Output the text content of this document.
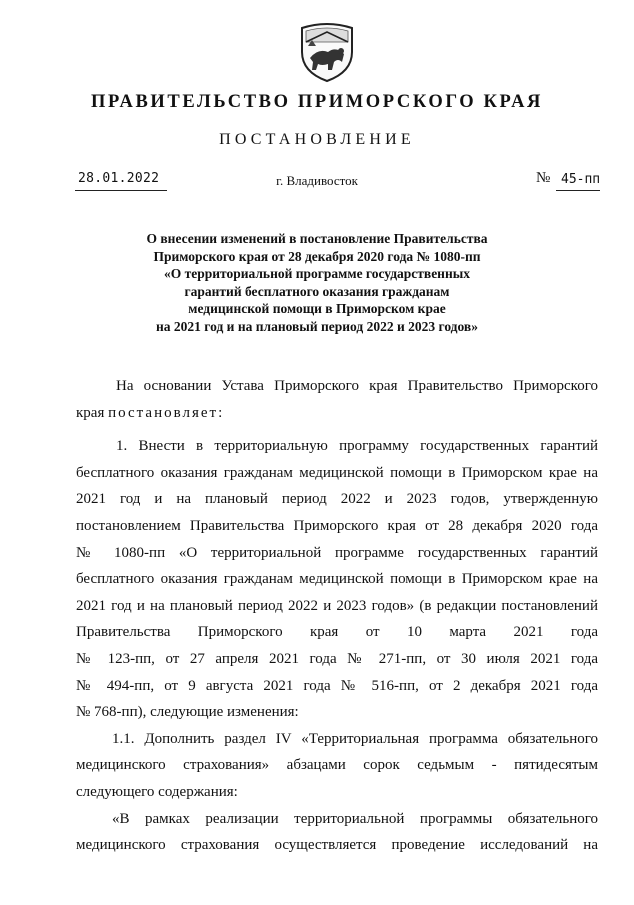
ПРАВИТЕЛЬСТВО ПРИМОРСКОГО КРАЯ
ПОСТАНОВЛЕНИЕ
28.01.2022	г. Владивосток	№ 45-пп
О внесении изменений в постановление Правительства
Приморского края от 28 декабря 2020 года № 1080-пп
«О территориальной программе государственных
гарантий бесплатного оказания гражданам
медицинской помощи в Приморском крае
на 2021 год и на плановый период 2022 и 2023 годов»
На основании Устава Приморского края Правительство Приморского
края постановляет:
1. Внести в территориальную программу государственных гарантий
бесплатного оказания гражданам медицинской помощи в Приморском крае на
2021 год и на плановый период 2022 и 2023 годов, утвержденную
постановлением Правительства Приморского края от 28 декабря 2020 года
№ 1080-пп «О территориальной программе государственных гарантий
бесплатного оказания гражданам медицинской помощи в Приморском крае на
2021 год и на плановый период 2022 и 2023 годов» (в редакции постановлений
Правительства Приморского края от 10 марта 2021 года
№ 123-пп, от 27 апреля 2021 года № 271-пп, от 30 июля 2021 года
№ 494-пп, от 9 августа 2021 года № 516-пп, от 2 декабря 2021 года
№ 768-пп), следующие изменения:
1.1. Дополнить раздел IV «Территориальная программа обязательного
медицинского страхования» абзацами сорок седьмым - пятидесятым
следующего содержания:
«В рамках реализации территориальной программы обязательного
медицинского страхования осуществляется проведение исследований на
